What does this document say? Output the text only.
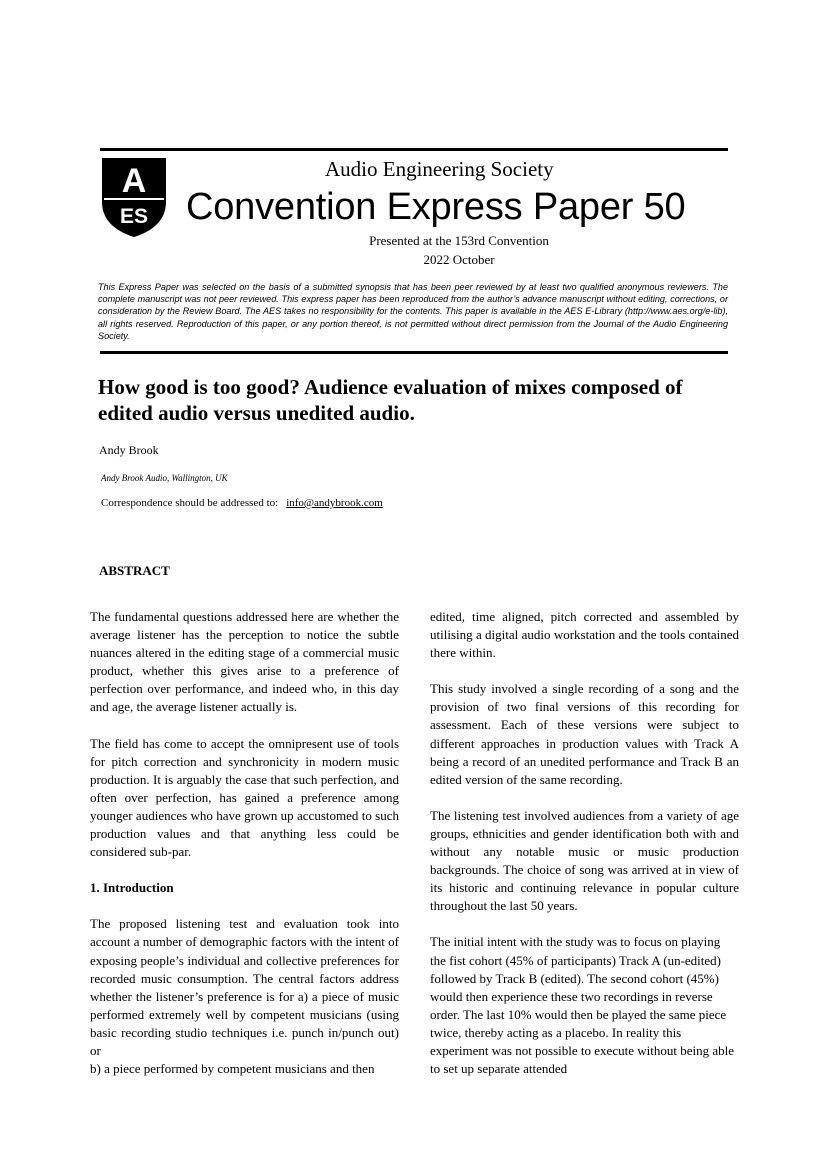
A
ES
Audio Engineering Society
Convention Express Paper 50
Presented at the 153rd Convention
2022 October
This Express Paper was selected on the basis of a submitted synopsis that has been peer reviewed by at least two qualified anonymous reviewers. The complete manuscript was not peer reviewed. This express paper has been reproduced from the author’s advance manuscript without editing, corrections, or consideration by the Review Board. The AES takes no responsibility for the contents. This paper is available in the AES E-Library (http://www.aes.org/e-lib), all rights reserved. Reproduction of this paper, or any portion thereof, is not permitted without direct permission from the Journal of the Audio Engineering Society.
How good is too good? Audience evaluation of mixes composed of edited audio versus unedited audio.
Andy Brook
Andy Brook Audio, Wallington, UK
Correspondence should be addressed to: info@andybrook.com
ABSTRACT

The fundamental questions addressed here are whether the average listener has the perception to notice the subtle nuances altered in the editing stage of a commercial music product, whether this gives arise to a preference of perfection over performance, and indeed who, in this day and age, the average listener actually is.

The field has come to accept the omnipresent use of tools for pitch correction and synchronicity in modern music production. It is arguably the case that such perfection, and often over perfection, has gained a preference among younger audiences who have grown up accustomed to such production values and that anything less could be considered sub-par.

1. Introduction

The proposed listening test and evaluation took into account a number of demographic factors with the intent of exposing people’s individual and collective preferences for recorded music consumption. The central factors address whether the listener’s preference is for a) a piece of music performed extremely well by competent musicians (using basic recording studio techniques i.e. punch in/punch out) or

b) a piece performed by competent musicians and then

edited, time aligned, pitch corrected and assembled by utilising a digital audio workstation and the tools contained there within.

This study involved a single recording of a song and the provision of two final versions of this recording for assessment. Each of these versions were subject to different approaches in production values with Track A being a record of an unedited performance and Track B an edited version of the same recording.

The listening test involved audiences from a variety of age groups, ethnicities and gender identification both with and without any notable music or music production backgrounds. The choice of song was arrived at in view of its historic and continuing relevance in popular culture throughout the last 50 years.

The initial intent with the study was to focus on playing the fist cohort (45% of participants) Track A (un-edited) followed by Track B (edited). The second cohort (45%) would then experience these two recordings in reverse order. The last 10% would then be played the same piece twice, thereby acting as a placebo. In reality this experiment was not possible to execute without being able to set up separate attended
